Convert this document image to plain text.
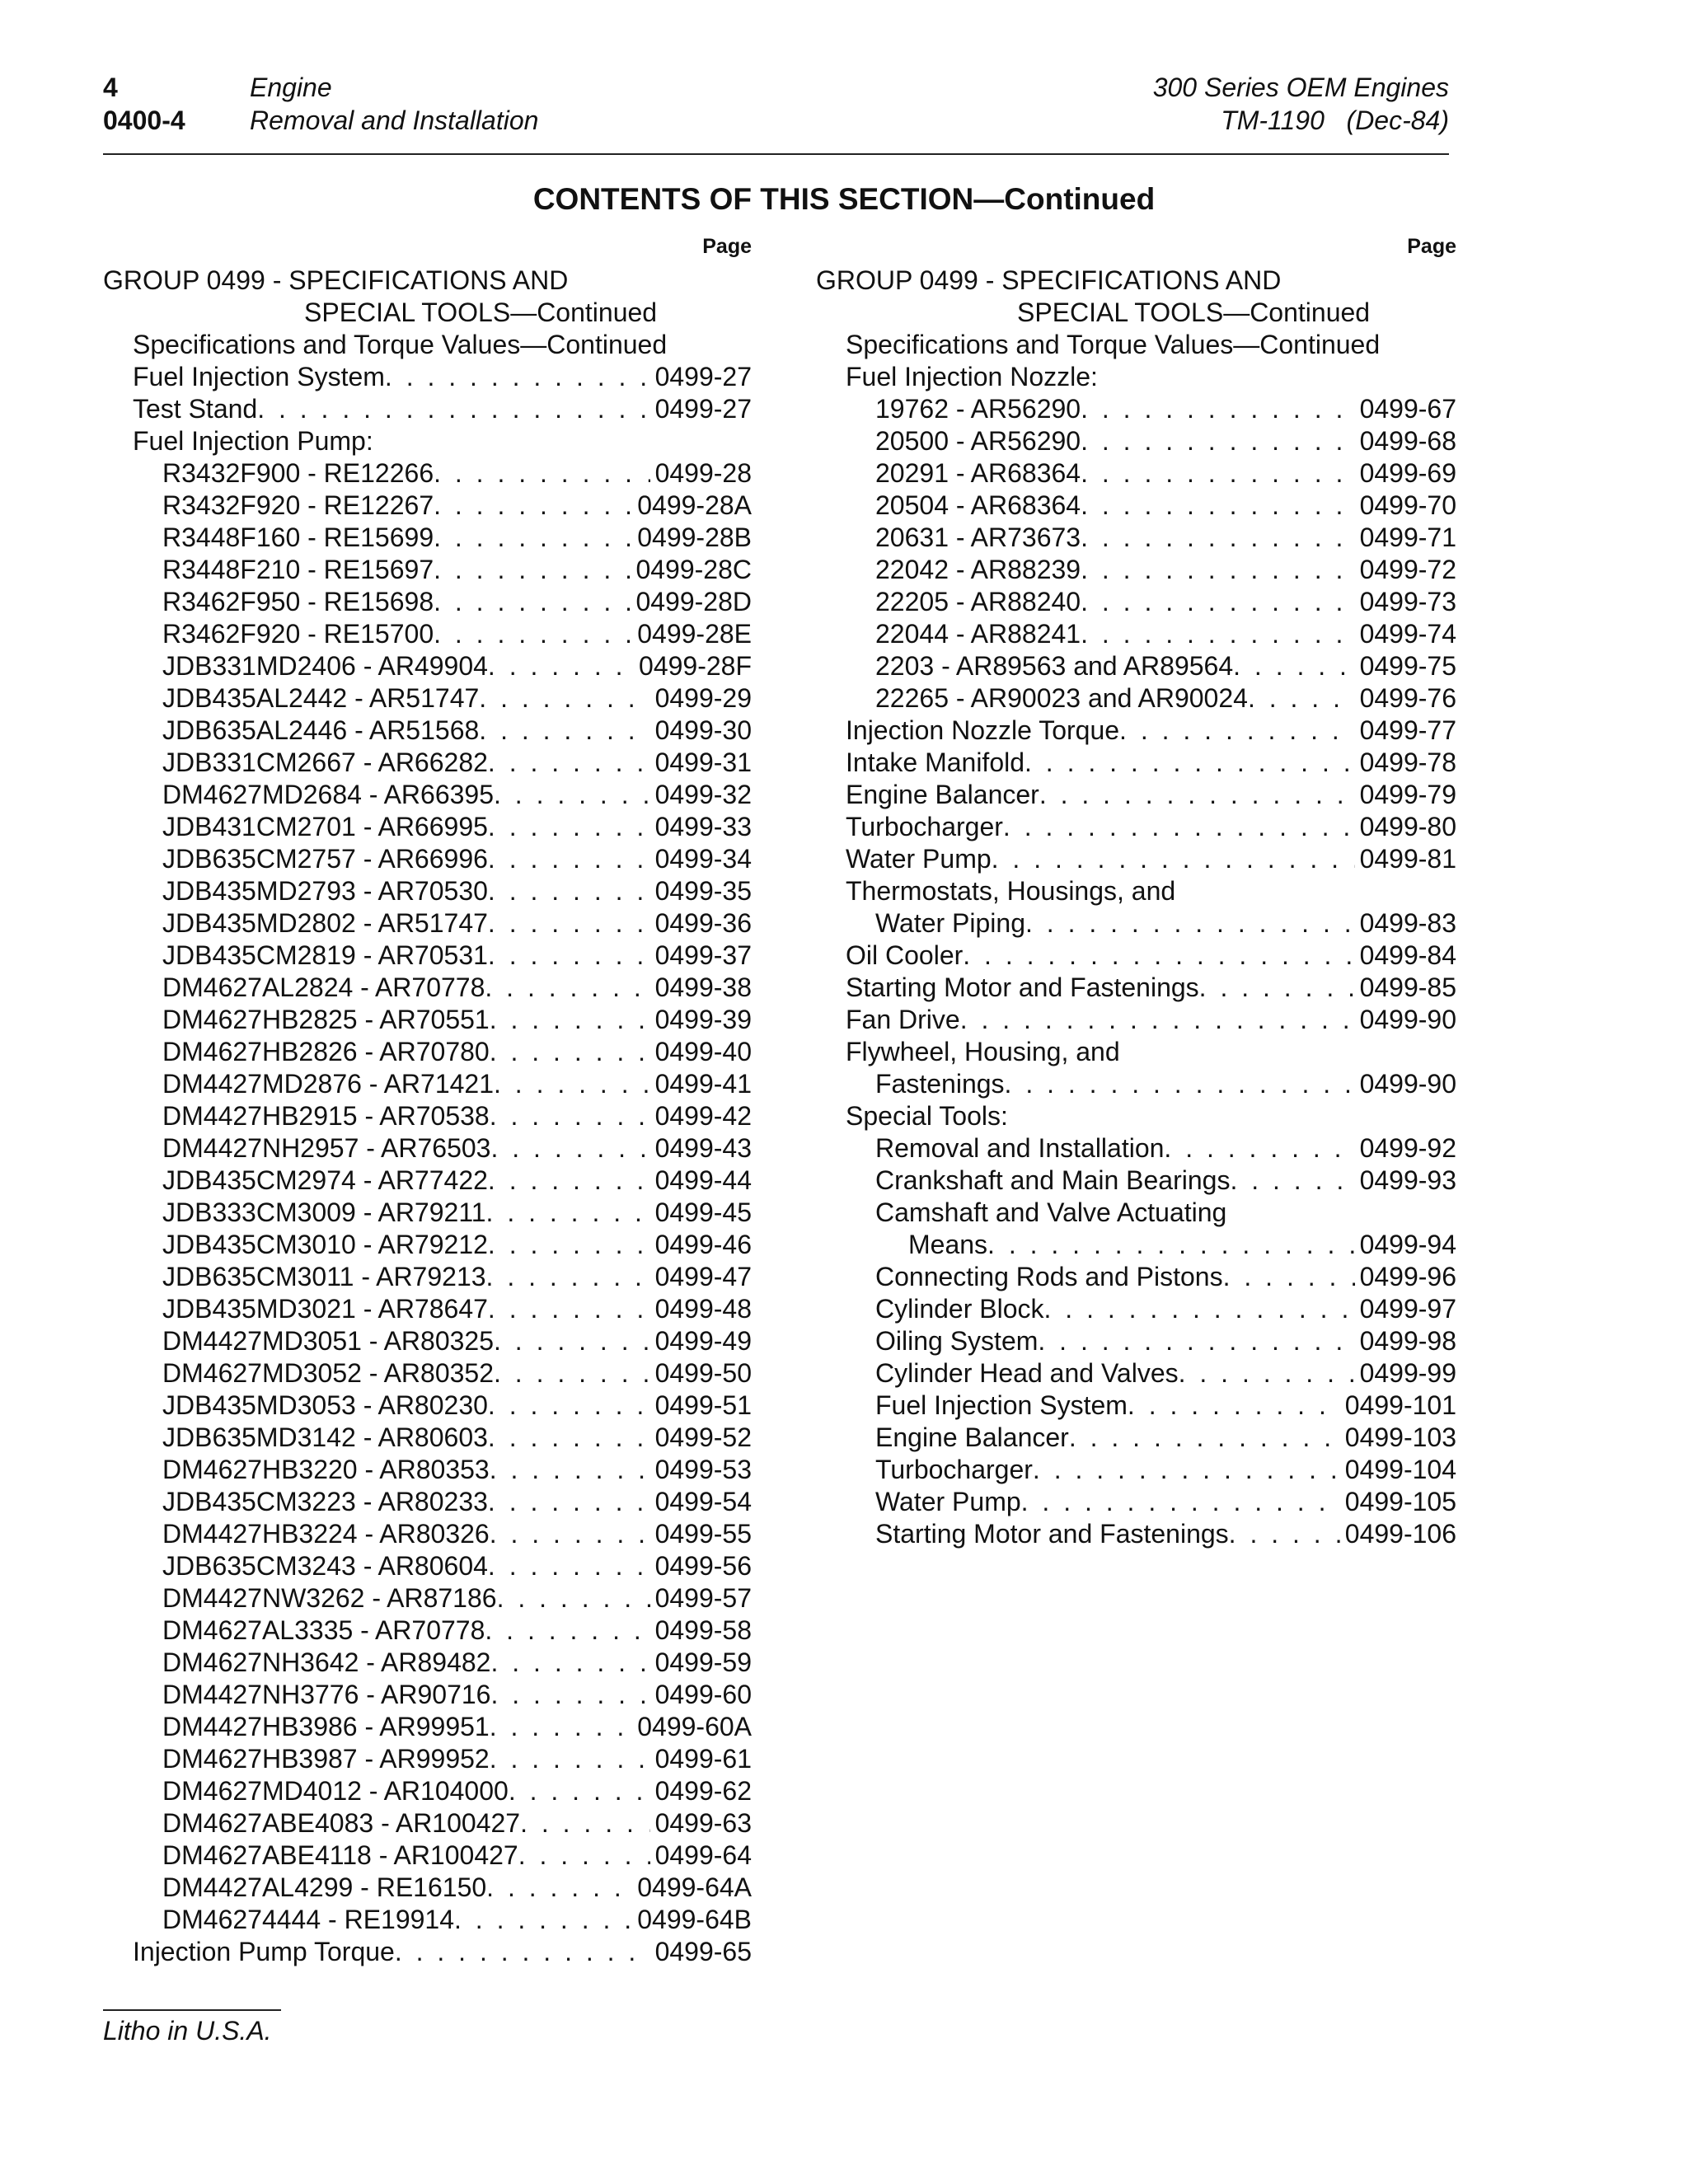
4
0400-4
Engine
Removal and Installation
300 Series OEM Engines
TM-1190 (Dec-84)
CONTENTS OF THIS SECTION—Continued
Page
GROUP 0499 - SPECIFICATIONS AND
SPECIAL TOOLS—Continued
Specifications and Torque Values—Continued
Fuel Injection System . . .	0499-27
Test Stand . . .	0499-27
Fuel Injection Pump:
R3432F900 - RE12266 . . .	0499-28
R3432F920 - RE12267 . . .	0499-28A
R3448F160 - RE15699 . . .	0499-28B
R3448F210 - RE15697 . . .	0499-28C
R3462F950 - RE15698 . . .	0499-28D
R3462F920 - RE15700 . . .	0499-28E
JDB331MD2406 - AR49904 . . .	0499-28F
JDB435AL2442 - AR51747 . . .	0499-29
JDB635AL2446 - AR51568 . . .	0499-30
JDB331CM2667 - AR66282 . . .	0499-31
DM4627MD2684 - AR66395 . . .	0499-32
JDB431CM2701 - AR66995 . . .	0499-33
JDB635CM2757 - AR66996 . . .	0499-34
JDB435MD2793 - AR70530 . . .	0499-35
JDB435MD2802 - AR51747 . . .	0499-36
JDB435CM2819 - AR70531 . . .	0499-37
DM4627AL2824 - AR70778 . . .	0499-38
DM4627HB2825 - AR70551 . . .	0499-39
DM4627HB2826 - AR70780 . . .	0499-40
DM4427MD2876 - AR71421 . . .	0499-41
DM4427HB2915 - AR70538 . . .	0499-42
DM4427NH2957 - AR76503 . . .	0499-43
JDB435CM2974 - AR77422 . . .	0499-44
JDB333CM3009 - AR79211 . . .	0499-45
JDB435CM3010 - AR79212 . . .	0499-46
JDB635CM3011 - AR79213 . . .	0499-47
JDB435MD3021 - AR78647 . . .	0499-48
DM4427MD3051 - AR80325 . . .	0499-49
DM4627MD3052 - AR80352 . . .	0499-50
JDB435MD3053 - AR80230 . . .	0499-51
JDB635MD3142 - AR80603 . . .	0499-52
DM4627HB3220 - AR80353 . . .	0499-53
JDB435CM3223 - AR80233 . . .	0499-54
DM4427HB3224 - AR80326 . . .	0499-55
JDB635CM3243 - AR80604 . . .	0499-56
DM4427NW3262 - AR87186 . . .	0499-57
DM4627AL3335 - AR70778 . . .	0499-58
DM4627NH3642 - AR89482 . . .	0499-59
DM4427NH3776 - AR90716 . . .	0499-60
DM4427HB3986 - AR99951 . . .	0499-60A
DM4627HB3987 - AR99952 . . .	0499-61
DM4627MD4012 - AR104000 . . .	0499-62
DM4627ABE4083 - AR100427 . . .	0499-63
DM4627ABE4118 - AR100427 . . .	0499-64
DM4427AL4299 - RE16150 . . .	0499-64A
DM46274444 - RE19914 . . .	0499-64B
Injection Pump Torque . . .	0499-65
Page
GROUP 0499 - SPECIFICATIONS AND
SPECIAL TOOLS—Continued
Specifications and Torque Values—Continued
Fuel Injection Nozzle:
19762 - AR56290 . . .	0499-67
20500 - AR56290 . . .	0499-68
20291 - AR68364 . . .	0499-69
20504 - AR68364 . . .	0499-70
20631 - AR73673 . . .	0499-71
22042 - AR88239 . . .	0499-72
22205 - AR88240 . . .	0499-73
22044 - AR88241 . . .	0499-74
2203 - AR89563 and AR89564 . . .	0499-75
22265 - AR90023 and AR90024 . . .	0499-76
Injection Nozzle Torque . . .	0499-77
Intake Manifold . . .	0499-78
Engine Balancer . . .	0499-79
Turbocharger . . .	0499-80
Water Pump . . .	0499-81
Thermostats, Housings, and
Water Piping . . .	0499-83
Oil Cooler . . .	0499-84
Starting Motor and Fastenings . . .	0499-85
Fan Drive . . .	0499-90
Flywheel, Housing, and
Fastenings . . .	0499-90
Special Tools:
Removal and Installation . . .	0499-92
Crankshaft and Main Bearings . . .	0499-93
Camshaft and Valve Actuating
Means . . .	0499-94
Connecting Rods and Pistons . . .	0499-96
Cylinder Block . . .	0499-97
Oiling System . . .	0499-98
Cylinder Head and Valves . . .	0499-99
Fuel Injection System . . .	0499-101
Engine Balancer . . .	0499-103
Turbocharger . . .	0499-104
Water Pump . . .	0499-105
Starting Motor and Fastenings . . .	0499-106
Litho in U.S.A.
